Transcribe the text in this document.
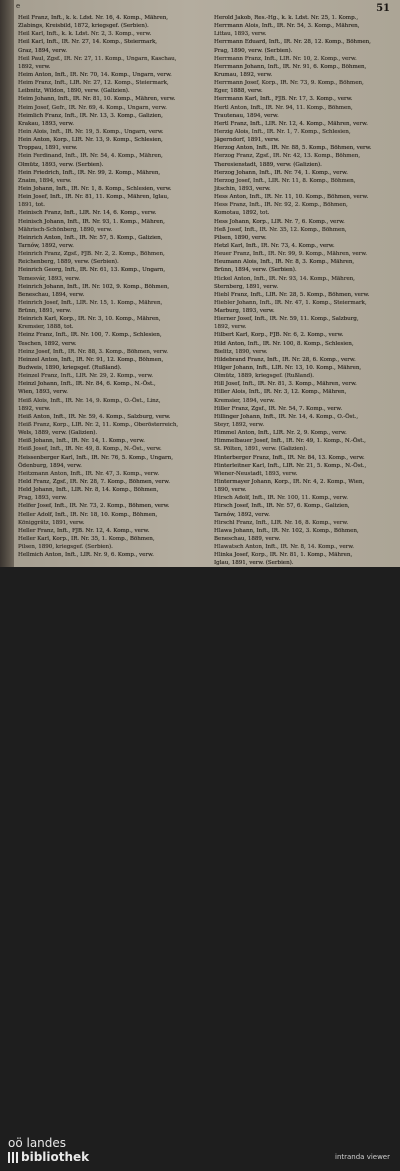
e	51
Heil Franz, Inft., k. k. Ldst. Nr. 16, 4. Komp., Mähren,
Zlabings, Kreisbild, 1872, kriegsgef. (Serbien).
Heil Karl, Inft., k. k. Ldst. Nr. 2, 3. Komp., verw.
Heil Karl, Inft., IR. Nr. 27, 14. Komp., Steiermark,
Graz, 1894, verw.
Heil Paul, Zgsf., IR. Nr. 27, 11. Komp., Ungarn, Kaschau,
1892, verw.
Heim Anton, Inft., IR. Nr. 70, 14. Komp., Ungarn, verw.
Heim Franz, Inft., LIR. Nr. 27, 12. Komp., Steiermark,
Leibnitz, Wildon, 1890, verw. (Galizien).
Heim Johann, Inft., IR. Nr. 81, 10. Komp., Mähren, verw.
Heim Josef, Gefr., IR. Nr. 69, 4. Komp., Ungarn, verw.
Heimlich Franz, Inft., IR. Nr. 13, 3. Komp., Galizien,
Krakau, 1893, verw.
Hein Alois, Inft., IR. Nr. 19, 5. Komp., Ungarn, verw.
Hein Anton, Korp., LIR. Nr. 13, 9. Komp., Schlesien,
Troppau, 1891, verw.
Hein Ferdinand, Inft., IR. Nr. 54, 4. Komp., Mähren,
Olmütz, 1893, verw. (Serbien).
Hein Friedrich, Inft., IR. Nr. 99, 2. Komp., Mähren,
Znaim, 1894, verw.
Hein Johann, Inft., IR. Nr. 1, 8. Komp., Schlesien, verw.
Hein Josef, Inft., IR. Nr. 81, 11. Komp., Mähren, Iglau,
1891, tot.
Heinisch Franz, Inft., LIR. Nr. 14, 6. Komp., verw.
Heinisch Johann, Inft., IR. Nr. 93, 1. Komp., Mähren,
Mährisch-Schönberg, 1890, verw.
Heinrich Anton, Inft., IR. Nr. 57, 5. Komp., Galizien,
Tarnów, 1892, verw.
Heinrich Franz, Zgsf., FJB. Nr. 2, 2. Komp., Böhmen,
Reichenberg, 1889, verw. (Serbien).
Heinrich Georg, Inft., IR. Nr. 61, 13. Komp., Ungarn,
Temesvár, 1893, verw.
Heinrich Johann, Inft., IR. Nr. 102, 9. Komp., Böhmen,
Beneschau, 1894, verw.
Heinrich Josef, Inft., LIR. Nr. 15, 1. Komp., Mähren,
Brünn, 1891, verw.
Heinrich Karl, Korp., IR. Nr. 3, 10. Komp., Mähren,
Kremsier, 1888, tot.
Heinz Franz, Inft., IR. Nr. 100, 7. Komp., Schlesien,
Teschen, 1892, verw.
Heinz Josef, Inft., IR. Nr. 88, 3. Komp., Böhmen, verw.
Heinzel Anton, Inft., IR. Nr. 91, 12. Komp., Böhmen,
Budweis, 1890, kriegsgef. (Rußland).
Heinzel Franz, Inft., LIR. Nr. 29, 2. Komp., verw.
Heinzl Johann, Inft., IR. Nr. 84, 6. Komp., N.-Öst.,
Wien, 1893, verw.
Heiß Alois, Inft., IR. Nr. 14, 9. Komp., O.-Öst., Linz,
1892, verw.
Heiß Anton, Inft., IR. Nr. 59, 4. Komp., Salzburg, verw.
Heiß Franz, Korp., LIR. Nr. 2, 11. Komp., Oberösterreich,
Wels, 1889, verw. (Galizien).
Heiß Johann, Inft., IR. Nr. 14, 1. Komp., verw.
Heiß Josef, Inft., IR. Nr. 49, 8. Komp., N.-Öst., verw.
Heissenberger Karl, Inft., IR. Nr. 76, 5. Komp., Ungarn,
Ödenburg, 1894, verw.
Heitzmann Anton, Inft., IR. Nr. 47, 3. Komp., verw.
Held Franz, Zgsf., IR. Nr. 28, 7. Komp., Böhmen, verw.
Held Johann, Inft., LIR. Nr. 8, 14. Komp., Böhmen,
Prag, 1893, verw.
Helfer Josef, Inft., IR. Nr. 73, 2. Komp., Böhmen, verw.
Heller Adolf, Inft., IR. Nr. 18, 10. Komp., Böhmen,
Königgrätz, 1891, verw.
Heller Franz, Inft., FJB. Nr. 12, 4. Komp., verw.
Heller Karl, Korp., IR. Nr. 35, 1. Komp., Böhmen,
Pilsen, 1890, kriegsgef. (Serbien).
Hellmich Anton, Inft., LIR. Nr. 9, 6. Komp., verw.
Herold Jakob, Res.-Hg., k. k. Ldst. Nr. 25, 1. Komp.,
Herrmann Alois, Inft., IR. Nr. 54, 3. Komp., Mähren,
Littau, 1893, verw.
Herrmann Eduard, Inft., IR. Nr. 28, 12. Komp., Böhmen,
Prag, 1890, verw. (Serbien).
Herrmann Franz, Inft., LIR. Nr. 10, 2. Komp., verw.
Herrmann Johann, Inft., IR. Nr. 91, 6. Komp., Böhmen,
Krumau, 1892, verw.
Herrmann Josef, Korp., IR. Nr. 73, 9. Komp., Böhmen,
Eger, 1888, verw.
Herrmann Karl, Inft., FJB. Nr. 17, 3. Komp., verw.
Hertl Anton, Inft., IR. Nr. 94, 11. Komp., Böhmen,
Trautenau, 1894, verw.
Hertl Franz, Inft., LIR. Nr. 12, 4. Komp., Mähren, verw.
Herzig Alois, Inft., IR. Nr. 1, 7. Komp., Schlesien,
Jägerndorf, 1891, verw.
Herzog Anton, Inft., IR. Nr. 88, 5. Komp., Böhmen, verw.
Herzog Franz, Zgsf., IR. Nr. 42, 13. Komp., Böhmen,
Theresienstadt, 1889, verw. (Galizien).
Herzog Johann, Inft., IR. Nr. 74, 1. Komp., verw.
Herzog Josef, Inft., LIR. Nr. 11, 8. Komp., Böhmen,
Jitschin, 1893, verw.
Hess Anton, Inft., IR. Nr. 11, 10. Komp., Böhmen, verw.
Hess Franz, Inft., IR. Nr. 92, 2. Komp., Böhmen,
Komotau, 1892, tot.
Hess Johann, Korp., LIR. Nr. 7, 6. Komp., verw.
Heß Josef, Inft., IR. Nr. 35, 12. Komp., Böhmen,
Pilsen, 1890, verw.
Hetzl Karl, Inft., IR. Nr. 73, 4. Komp., verw.
Heuer Franz, Inft., IR. Nr. 99, 9. Komp., Mähren, verw.
Heumann Alois, Inft., IR. Nr. 8, 3. Komp., Mähren,
Brünn, 1894, verw. (Serbien).
Hickel Anton, Inft., IR. Nr. 93, 14. Komp., Mähren,
Sternberg, 1891, verw.
Hiebl Franz, Inft., LIR. Nr. 28, 5. Komp., Böhmen, verw.
Hiebler Johann, Inft., IR. Nr. 47, 1. Komp., Steiermark,
Marburg, 1893, verw.
Hierner Josef, Inft., IR. Nr. 59, 11. Komp., Salzburg,
1892, verw.
Hilbert Karl, Korp., FJB. Nr. 6, 2. Komp., verw.
Hild Anton, Inft., IR. Nr. 100, 8. Komp., Schlesien,
Bielitz, 1890, verw.
Hildebrand Franz, Inft., IR. Nr. 28, 6. Komp., verw.
Hilger Johann, Inft., LIR. Nr. 13, 10. Komp., Mähren,
Olmütz, 1889, kriegsgef. (Rußland).
Hill Josef, Inft., IR. Nr. 81, 3. Komp., Mähren, verw.
Hiller Alois, Inft., IR. Nr. 3, 12. Komp., Mähren,
Kremsier, 1894, verw.
Hiller Franz, Zgsf., IR. Nr. 54, 7. Komp., verw.
Hillinger Johann, Inft., IR. Nr. 14, 4. Komp., O.-Öst.,
Steyr, 1892, verw.
Himmel Anton, Inft., LIR. Nr. 2, 9. Komp., verw.
Himmelbauer Josef, Inft., IR. Nr. 49, 1. Komp., N.-Öst.,
St. Pölten, 1891, verw. (Galizien).
Hinterberger Franz, Inft., IR. Nr. 84, 13. Komp., verw.
Hinterleitner Karl, Inft., LIR. Nr. 21, 5. Komp., N.-Öst.,
Wiener-Neustadt, 1893, verw.
Hintermayer Johann, Korp., IR. Nr. 4, 2. Komp., Wien,
1890, verw.
Hirsch Adolf, Inft., IR. Nr. 100, 11. Komp., verw.
Hirsch Josef, Inft., IR. Nr. 57, 6. Komp., Galizien,
Tarnów, 1892, verw.
Hirschl Franz, Inft., LIR. Nr. 16, 8. Komp., verw.
Hlawa Johann, Inft., IR. Nr. 102, 3. Komp., Böhmen,
Beneschau, 1889, verw.
Hlawatsch Anton, Inft., IR. Nr. 8, 14. Komp., verw.
Hlinka Josef, Korp., IR. Nr. 81, 1. Komp., Mähren,
Iglau, 1891, verw. (Serbien).
oö landes
bibliothek	intranda viewer
